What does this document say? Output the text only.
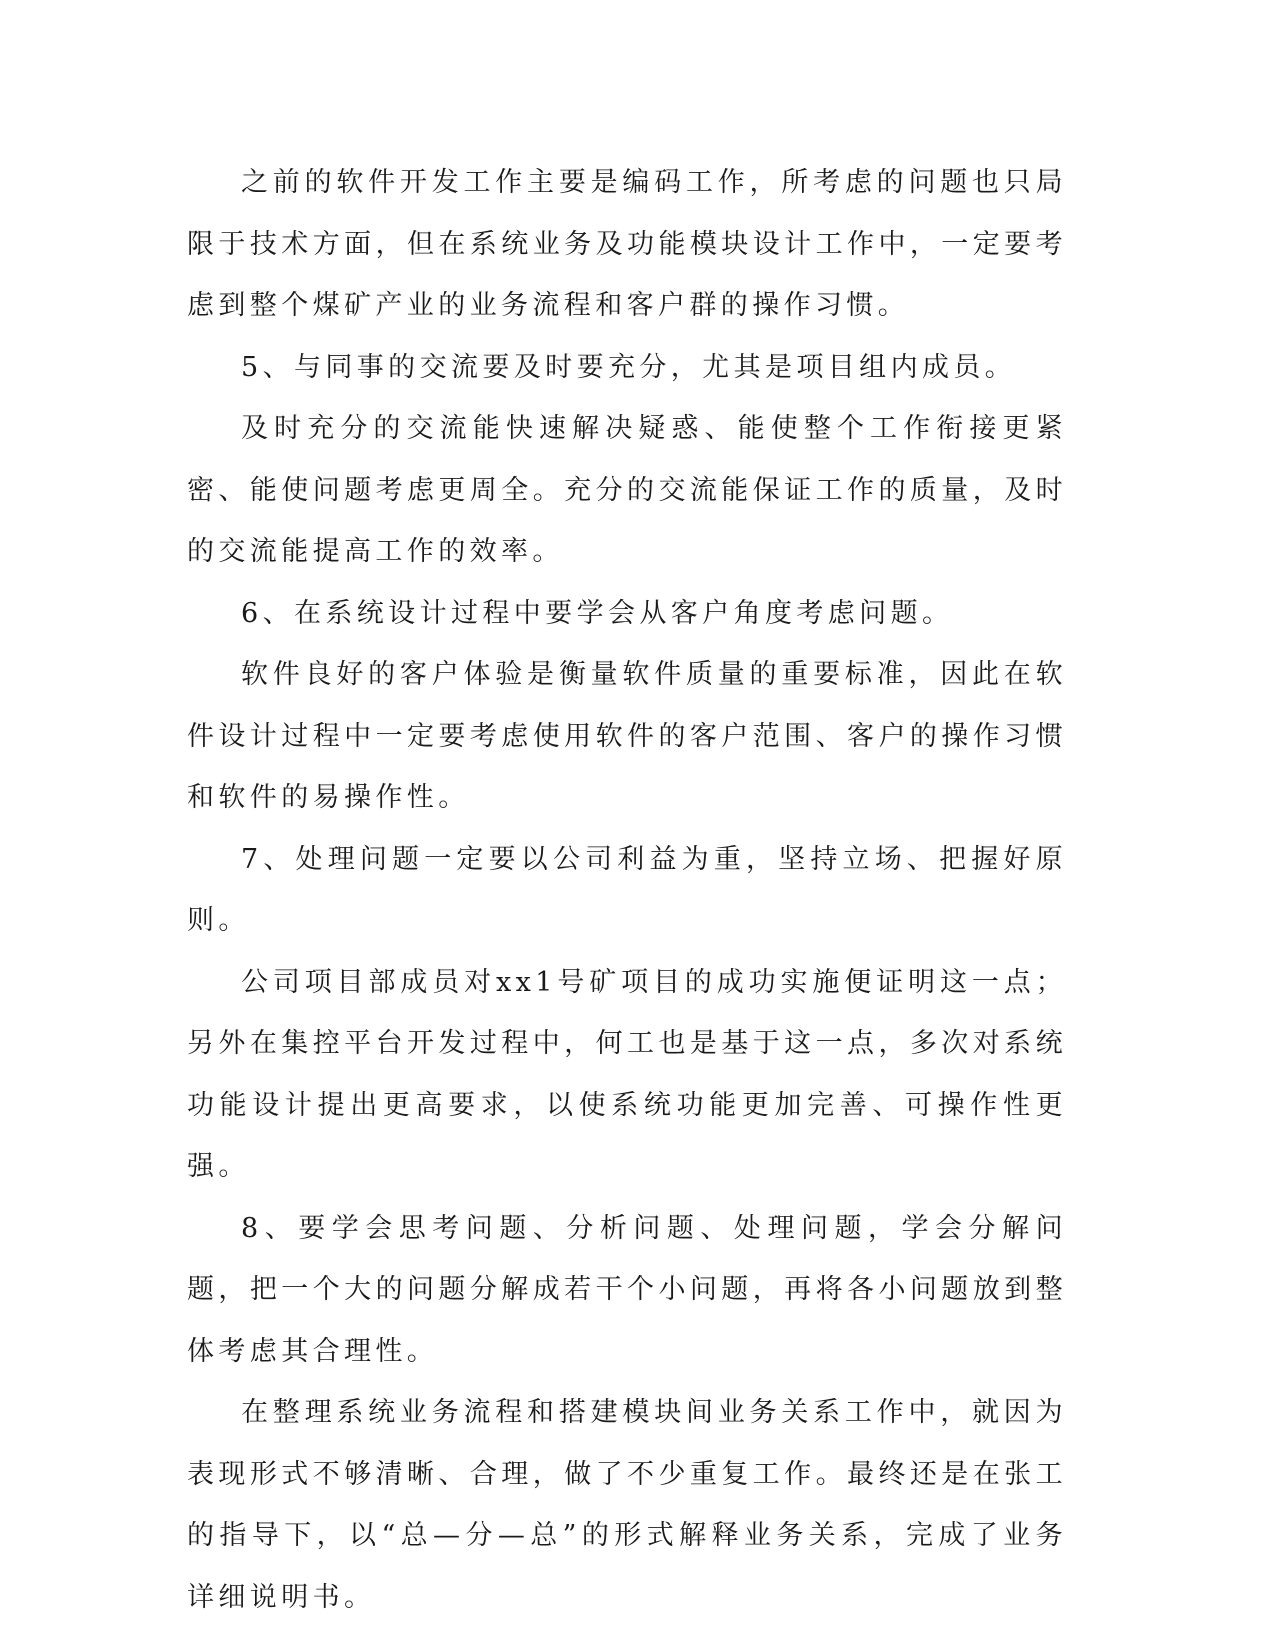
之前的软件开发工作主要是编码工作，所考虑的问题也只局限于技术方面，但在系统业务及功能模块设计工作中，一定要考虑到整个煤矿产业的业务流程和客户群的操作习惯。

5、与同事的交流要及时要充分，尤其是项目组内成员。

及时充分的交流能快速解决疑惑、能使整个工作衔接更紧密、能使问题考虑更周全。充分的交流能保证工作的质量，及时的交流能提高工作的效率。

6、在系统设计过程中要学会从客户角度考虑问题。

软件良好的客户体验是衡量软件质量的重要标准，因此在软件设计过程中一定要考虑使用软件的客户范围、客户的操作习惯和软件的易操作性。

7、处理问题一定要以公司利益为重，坚持立场、把握好原则。

公司项目部成员对xx1号矿项目的成功实施便证明这一点；另外在集控平台开发过程中，何工也是基于这一点，多次对系统功能设计提出更高要求，以使系统功能更加完善、可操作性更强。

8、要学会思考问题、分析问题、处理问题，学会分解问题，把一个大的问题分解成若干个小问题，再将各小问题放到整体考虑其合理性。

在整理系统业务流程和搭建模块间业务关系工作中，就因为表现形式不够清晰、合理，做了不少重复工作。最终还是在张工的指导下，以“总—分—总”的形式解释业务关系，完成了业务详细说明书。
